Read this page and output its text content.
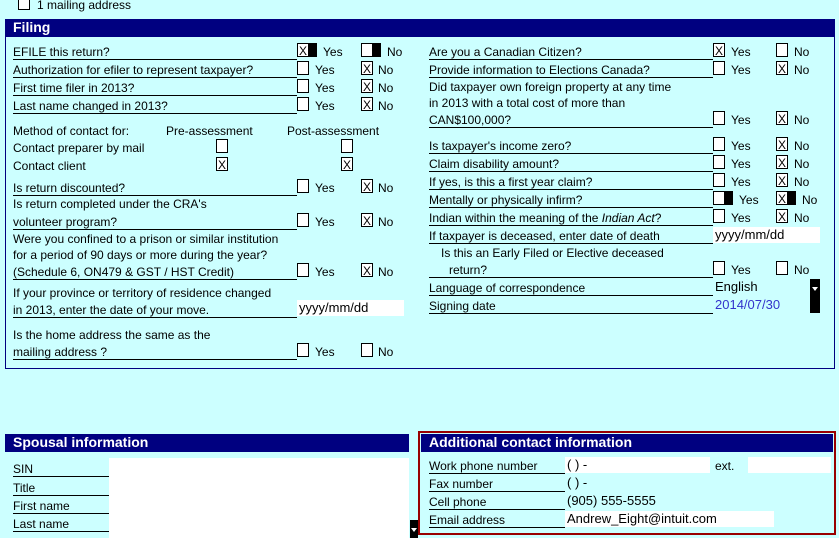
1 mailing address
Filing
EFILE this return?	X Yes	No
Authorization for efiler to represent taxpayer?	Yes X No
First time filer in 2013?	Yes X No
Last name changed in 2013?	Yes X No
Method of contact for:	Pre-assessment	Post-assessment
Contact preparer by mail
Contact client	X	X
Is return discounted?	Yes X No
Is return completed under the CRA's
volunteer program?	Yes X No
Were you confined to a prison or similar institution
for a period of 90 days or more during the year?
(Schedule 6, ON479 & GST / HST Credit)	Yes X No
If your province or territory of residence changed
in 2013, enter the date of your move.	yyyy/mm/dd
Is the home address the same as the
mailing address ?	Yes	No
Are you a Canadian Citizen?	X Yes	No
Provide information to Elections Canada?	Yes X No
Did taxpayer own foreign property at any time
in 2013 with a total cost of more than
CAN$100,000?	Yes X No
Is taxpayer's income zero?	Yes X No
Claim disability amount?	Yes X No
If yes, is this a first year claim?	Yes X No
Mentally or physically infirm?	Yes X No
Indian within the meaning of the Indian Act?	Yes X No
If taxpayer is deceased, enter date of death	yyyy/mm/dd
Is this an Early Filed or Elective deceased
return?	Yes	No
Language of correspondence	English
Signing date	2014/07/30
Spousal information
SIN
Title
First name
Last name
Additional contact information
Work phone number	( ) -	ext.
Fax number	( ) -
Cell phone	(905) 555-5555
Email address	Andrew_Eight@intuit.com
